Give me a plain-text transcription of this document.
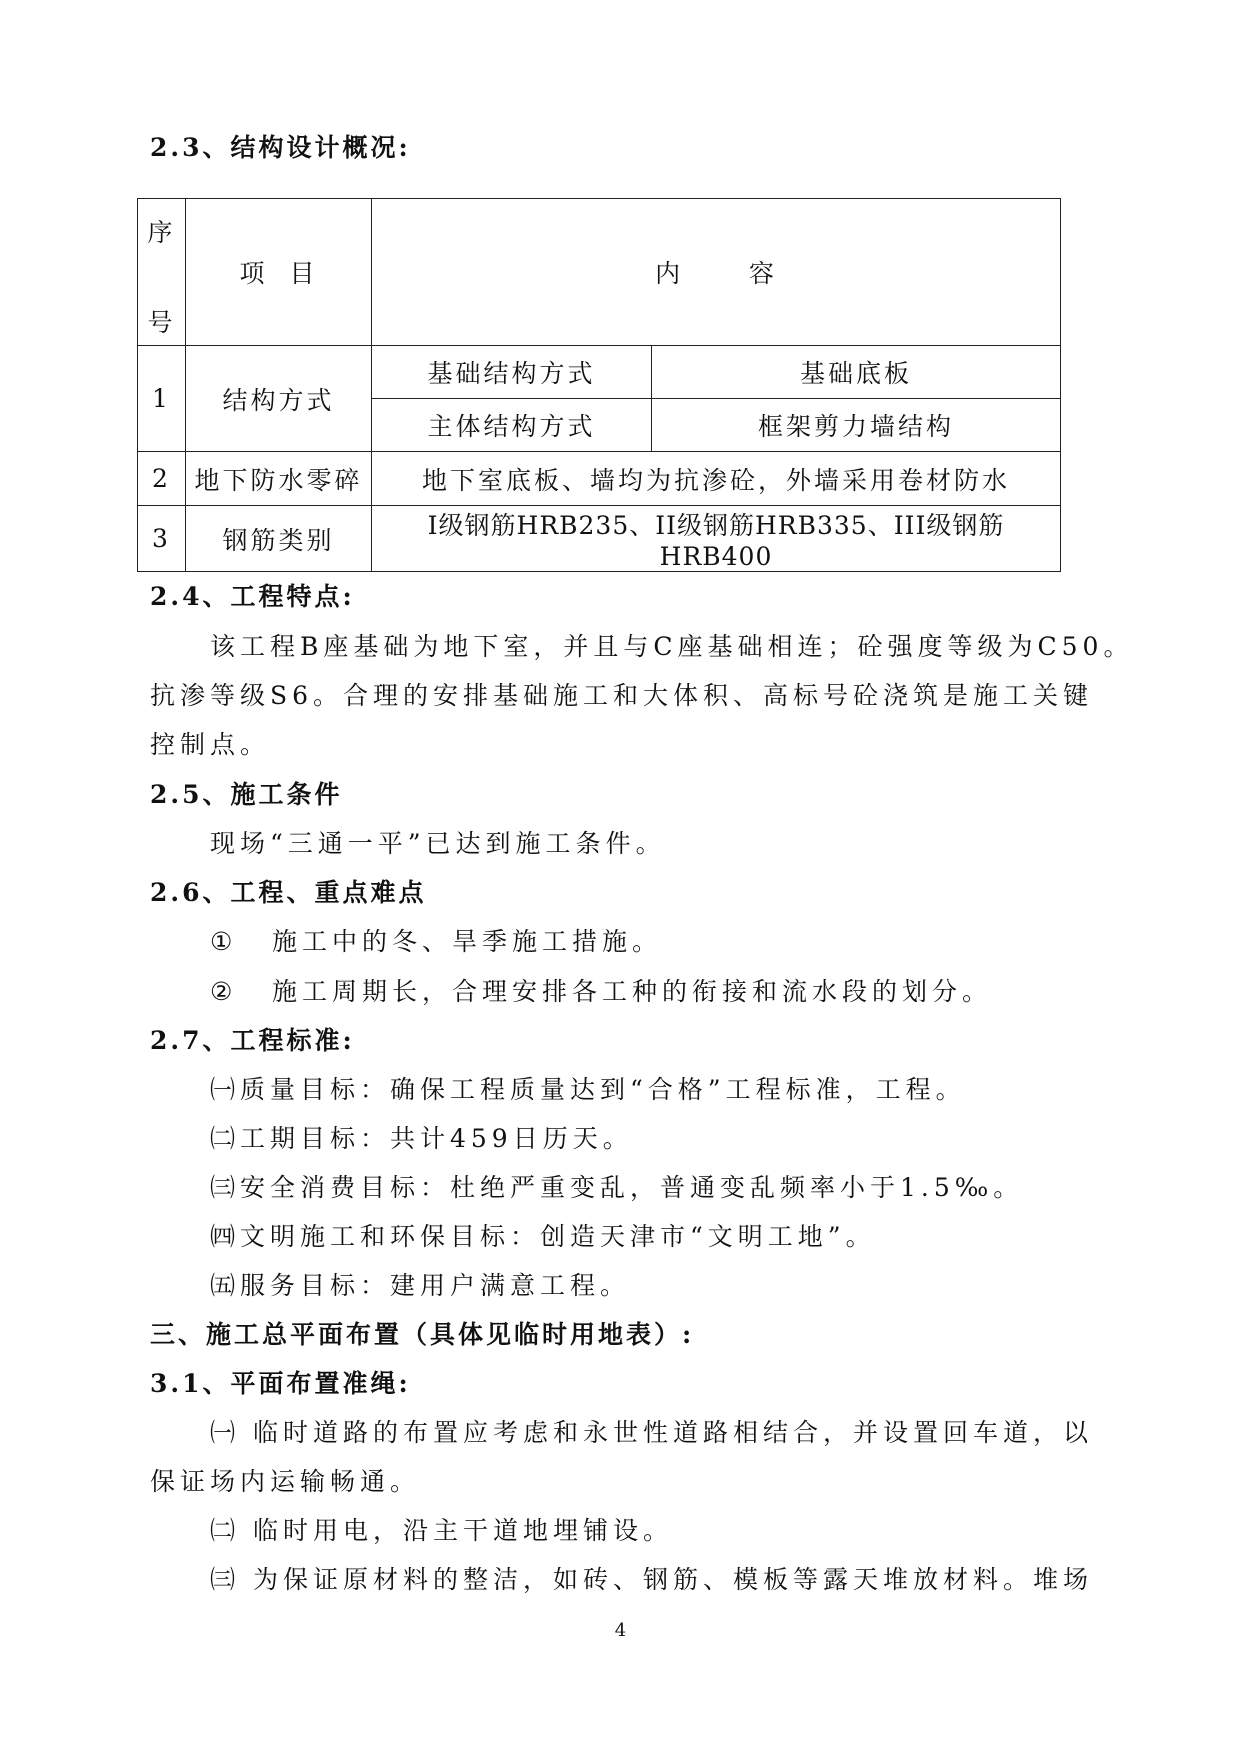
2.3、结构设计概况:
序
号	项  目	内      容	
1	结构方式	基础结构方式	基础底板
		主体结构方式	框架剪力墙结构
2	地下防水零碎	地下室底板、墙均为抗渗砼，外墙采用卷材防水	
3	钢筋类别	Ⅰ级钢筋HRB235、II级钢筋HRB335、III级钢筋HRB400	
2.4、工程特点:
该工程B座基础为地下室，并且与C座基础相连；砼强度等级为C50。
抗渗等级S6。合理的安排基础施工和大体积、高标号砼浇筑是施工关键
控制点。
2.5、施工条件
现场“三通一平”已达到施工条件。
2.6、工程、重点难点
① 施工中的冬、旱季施工措施。
② 施工周期长，合理安排各工种的衔接和流水段的划分。
2.7、工程标准:
㈠质量目标：确保工程质量达到“合格”工程标准，工程。
㈡工期目标：共计459日历天。
㈢安全消费目标：杜绝严重变乱，普通变乱频率小于1.5‰。
㈣文明施工和环保目标：创造天津市“文明工地”。
㈤服务目标：建用户满意工程。
三、施工总平面布置（具体见临时用地表）:
3.1、平面布置准绳:
㈠ 临时道路的布置应考虑和永世性道路相结合，并设置回车道，以
保证场内运输畅通。
㈡ 临时用电，沿主干道地埋铺设。
㈢ 为保证原材料的整洁，如砖、钢筋、模板等露天堆放材料。堆场
4
